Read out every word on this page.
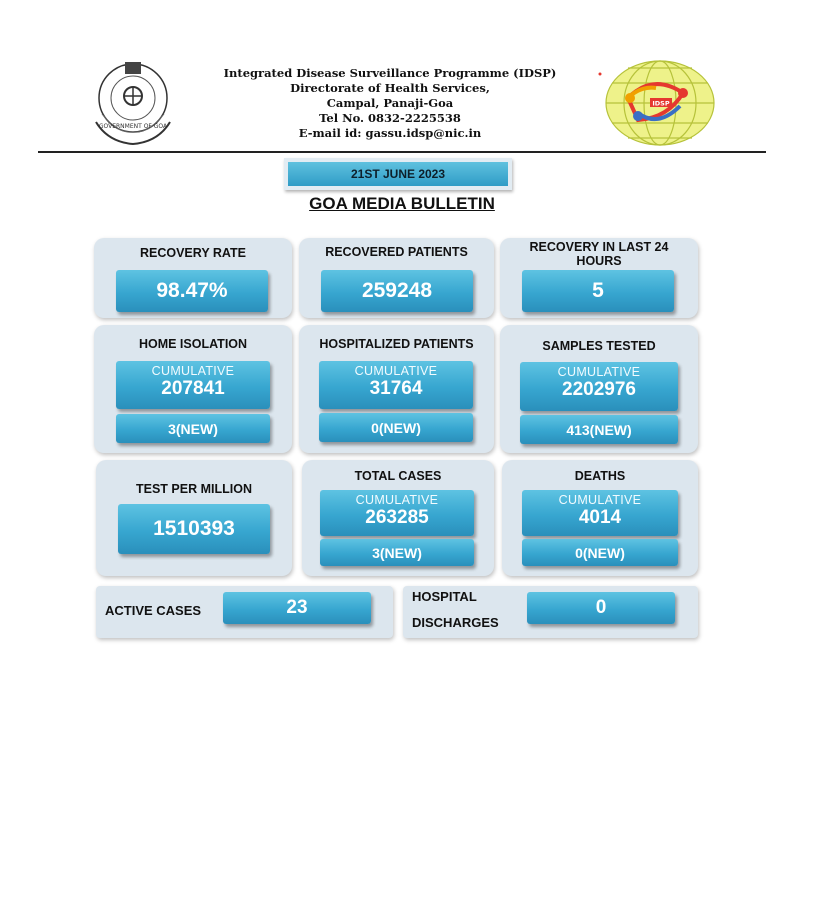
GOVERNMENT OF GOA
Integrated Disease Surveillance Programme (IDSP)
Directorate of Health Services,
Campal, Panaji-Goa
Tel No. 0832-2225538
E-mail id: gassu.idsp@nic.in
IDSP
21ST JUNE 2023
GOA MEDIA BULLETIN
RECOVERY RATE
98.47%
RECOVERED PATIENTS
259248
RECOVERY IN LAST 24 HOURS
5
HOME ISOLATION
CUMULATIVE
207841
3(NEW)
HOSPITALIZED PATIENTS
CUMULATIVE
31764
0(NEW)
SAMPLES TESTED
CUMULATIVE
2202976
413(NEW)
TEST PER MILLION
1510393
TOTAL CASES
CUMULATIVE
263285
3(NEW)
DEATHS
CUMULATIVE
4014
0(NEW)
ACTIVE CASES	23
HOSPITAL
DISCHARGES
0
